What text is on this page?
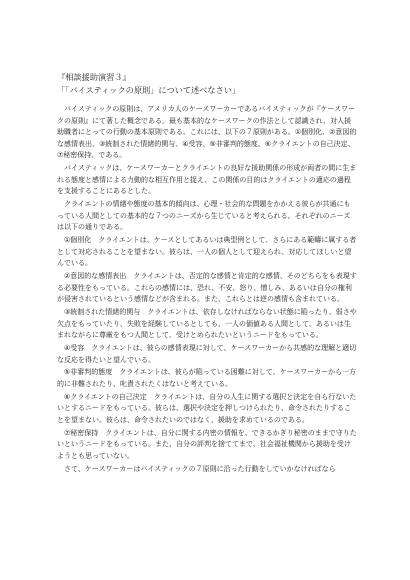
『相談援助演習３』
「「バイスティックの原則」について述べなさい」

バイスティックの原則は、アメリカ人のケースワーカーであるバイスティックが『ケースワークの原則』にて著した概念である。最も基本的なケースワークの作法として認識され、対人援助職者にとっての行動の基本原則である。これには、以下の７原則がある。①個別化、②意図的な感情表出、③統制された情緒的関与、④受容、⑤非審判的態度、⑥クライエントの自己決定、⑦秘密保持、である。

バイスティックは、ケースワーカーとクライエントの良好な援助関係の形成が両者の間に生まれる態度と感情による力動的な相互作用と捉え、この関係の目的はクライエントの適応の過程を支援することにあるとした。

クライエントの情緒や態度の基本的傾向は、心理・社会的な問題をかかえる彼らが共通にもっている人間としての基本的な７つのニーズから生じていると考えられる。それぞれのニーズは以下の通りである。

①個別化　クライエントは、ケースとしてあるいは典型例として、さらにある範疇に属する者として対応されることを望まない。彼らは、一人の個人として迎えられ、対応してほしいと望んでいる。

②意図的な感情表出　クライエントは、否定的な感情と肯定的な感情、そのどちらをも表現する必要性をもっている。これらの感情には、恐れ、不安、怒り、憎しみ、あるいは自分の権利が侵害されているという感情などが含まれる。また、これらとは逆の感情も含まれている。

③統制された情緒的関与　クライエントは、依存しなければならない状態に陥ったり、弱さや欠点をもっていたり、失敗を経験しているとしても、一人の価値ある人間として、あるいは生まれながらに尊厳をもつ人間として、受けとめられたいというニードをもっている。

④受容　クライエントは、彼らの感情表現に対して、ケースワーカーから共感的な理解と適切な反応を得たいと望んでいる。

⑤非審判的態度　クライエントは、彼らが陥っている困難に対して、ケースワーカーから一方的に非難されたり、叱責されたくはないと考えている。

⑥クライエントの自己決定　クライエントは、自分の人生に関する選択と決定を自ら行ないたいとするニードをもっている。彼らは、選択や決定を押しつけられたり、命令されたりすることを望まない。彼らは、命令されたいのではなく、援助を求めているのである。

⑦秘密保持　クライエントは、自分に関する内密の情報を、できるかぎり秘密のままで守りたいというニードをもっている。また、自分の評判を捨ててまで、社会福祉機関から援助を受けようとも思っていない。

さて、ケースワーカーはバイスティックの７原則に沿った行動をしていかなければなら
